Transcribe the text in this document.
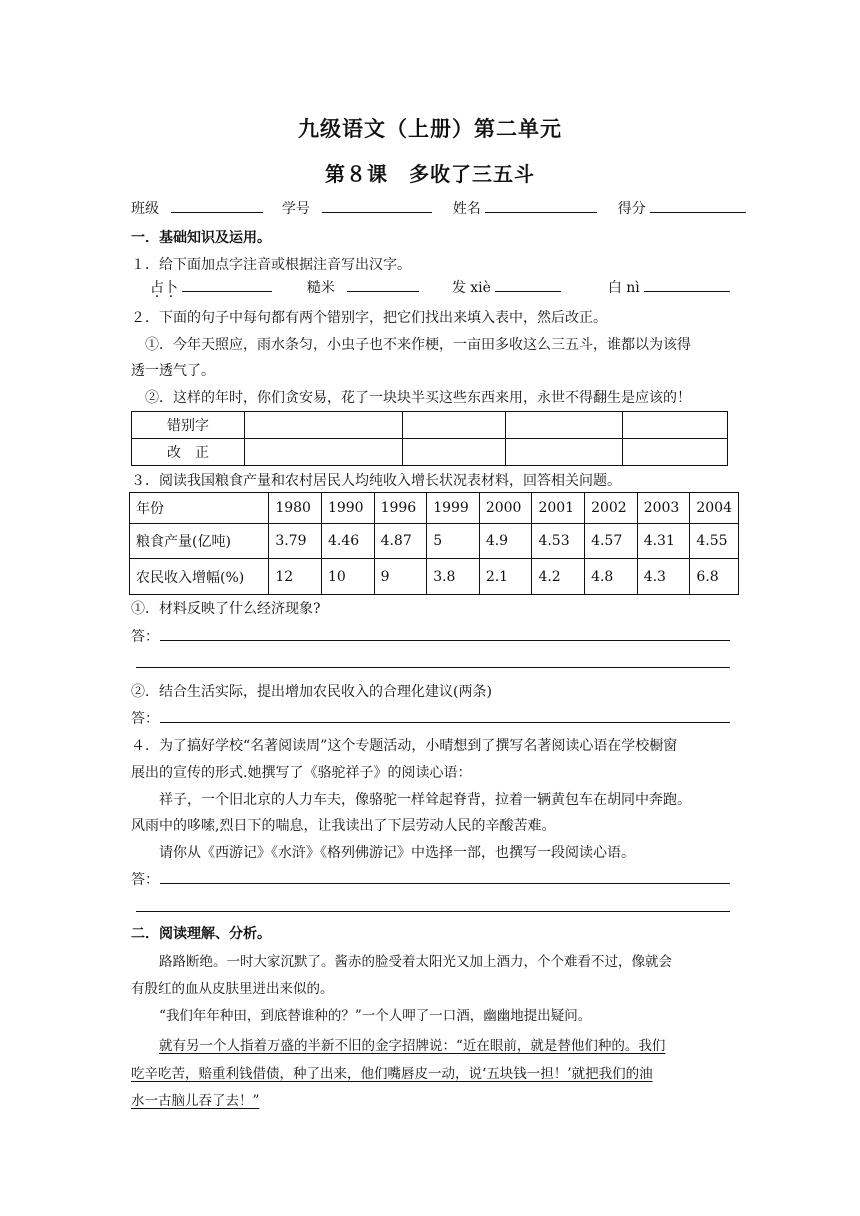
九级语文（上册）第二单元
第８课　多收了三五斗
班级	学号	姓名	得分
一．基础知识及运用。
１．给下面加点字注音或根据注音写出汉字。
占卜	糙米	发 xiè	白 nì
２．下面的句子中每句都有两个错别字，把它们找出来填入表中，然后改正。
①．今年天照应，雨水条匀，小虫子也不来作梗，一亩田多收这么三五斗，谁都以为该得
透一透气了。
②．这样的年时，你们贪安易，花了一块块半买这些东西来用，永世不得翻生是应该的！
错别字				
改　正				
３．阅读我国粮食产量和农村居民人均纯收入增长状况表材料，回答相关问题。
年份	1980	1990	1996	1999	2000	2001	2002	2003	2004
粮食产量(亿吨)	3.79	4.46	4.87	5	4.9	4.53	4.57	4.31	4.55
农民收入增幅(%)	12	10	9	3.8	2.1	4.2	4.8	4.3	6.8
①．材料反映了什么经济现象?
答：
②．结合生活实际，提出增加农民收入的合理化建议(两条)
答：
４．为了搞好学校“名著阅读周”这个专题活动，小晴想到了撰写名著阅读心语在学校橱窗
展出的宣传的形式.她撰写了《骆驼祥子》的阅读心语：
祥子，一个旧北京的人力车夫，像骆驼一样耸起脊背，拉着一辆黄包车在胡同中奔跑。
风雨中的哆嗦,烈日下的喘息，让我读出了下层劳动人民的辛酸苦难。
请你从《西游记》《水浒》《格列佛游记》中选择一部，也撰写一段阅读心语。
答：
二．阅读理解、分析。
路路断绝。一时大家沉默了。酱赤的脸受着太阳光又加上酒力，个个难看不过，像就会
有殷红的血从皮肤里迸出来似的。
“我们年年种田，到底替谁种的？”一个人呷了一口酒，幽幽地提出疑问。
就有另一个人指着万盛的半新不旧的金字招牌说：“近在眼前，就是替他们种的。我们
吃辛吃苦，赔重利钱借债，种了出来，他们嘴唇皮一动，说‘五块钱一担！’就把我们的油
水一古脑儿吞了去！”
